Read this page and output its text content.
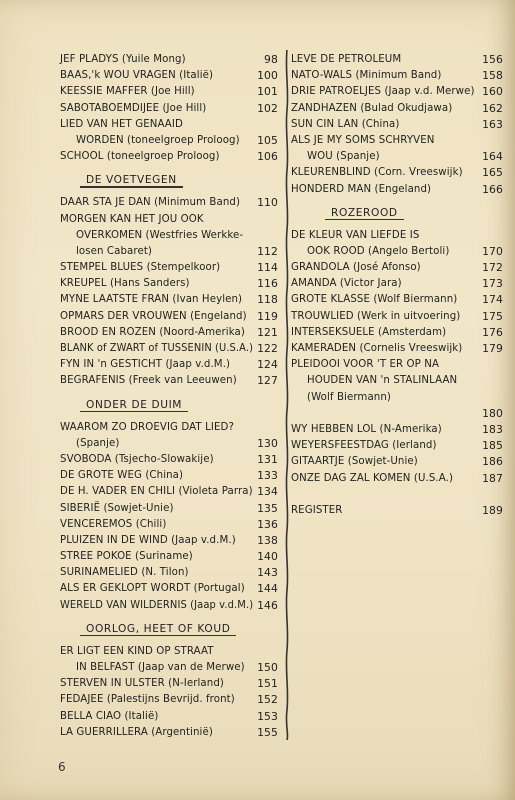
JEF PLADYS (Yuile Mong)	98
BAAS,'k WOU VRAGEN (Italië)	100
KEESSIE MAFFER (Joe Hill)	101
SABOTABOEMDIJEE (Joe Hill)	102
LIED VAN HET GENAAID
WORDEN (toneelgroep Proloog) 105
SCHOOL (toneelgroep Proloog)	106
DE VOETVEGEN
DAAR STA JE DAN (Minimum Band) 110
MORGEN KAN HET JOU OOK
OVERKOMEN (Westfries Werkke-
losen Cabaret)	112
STEMPEL BLUES (Stempelkoor)	114
KREUPEL (Hans Sanders)	116
MYNE LAATSTE FRAN (Ivan Heylen) 118
OPMARS DER VROUWEN (Engeland) 119
BROOD EN ROZEN (Noord-Amerika) 121
BLANK of ZWART of TUSSENIN (U.S.A.) 122
FYN IN 'n GESTICHT (Jaap v.d.M.) 124
BEGRAFENIS (Freek van Leeuwen) 127
ONDER DE DUIM
WAAROM ZO DROEVIG DAT LIED?
(Spanje)	130
SVOBODA (Tsjecho-Slowakije)	131
DE GROTE WEG (China)	133
DE H. VADER EN CHILI (Violeta Parra) 134
SIBERIË (Sowjet-Unie)	135
VENCEREMOS (Chili)	136
PLUIZEN IN DE WIND (Jaap v.d.M.) 138
STREE POKOE (Suriname)	140
SURINAMELIED (N. Tilon)	143
ALS ER GEKLOPT WORDT (Portugal) 144
WERELD VAN WILDERNIS (Jaap v.d.M.) 146
OORLOG, HEET OF KOUD
ER LIGT EEN KIND OP STRAAT
IN BELFAST (Jaap van de Merwe) 150
STERVEN IN ULSTER (N-Ierland)	151
FEDAJEE (Palestijns Bevrijd. front) 152
BELLA CIAO (Italië)	153
LA GUERRILLERA (Argentinië)	155
LEVE DE PETROLEUM	156
NATO-WALS (Minimum Band)	158
DRIE PATROELJES (Jaap v.d. Merwe) 160
ZANDHAZEN (Bulad Okudjawa)	162
SUN CIN LAN (China)	163
ALS JE MY SOMS SCHRYVEN
WOU (Spanje)	164
KLEURENBLIND (Corn. Vreeswijk) 165
HONDERD MAN (Engeland)	166
ROZEROOD
DE KLEUR VAN LIEFDE IS
OOK ROOD (Angelo Bertoli)	170
GRANDOLA (José Afonso)	172
AMANDA (Victor Jara)	173
GROTE KLASSE (Wolf Biermann) 174
TROUWLIED (Werk in uitvoering) 175
INTERSEKSUELE (Amsterdam)	176
KAMERADEN (Cornelis Vreeswijk) 179
PLEIDOOI VOOR 'T ER OP NA
HOUDEN VAN 'n STALINLAAN
(Wolf Biermann)
180
WY HEBBEN LOL (N-Amerika)	183
WEYERSFEESTDAG (Ierland)	185
GITAARTJE (Sowjet-Unie)	186
ONZE DAG ZAL KOMEN (U.S.A.)	187
REGISTER	189
6
